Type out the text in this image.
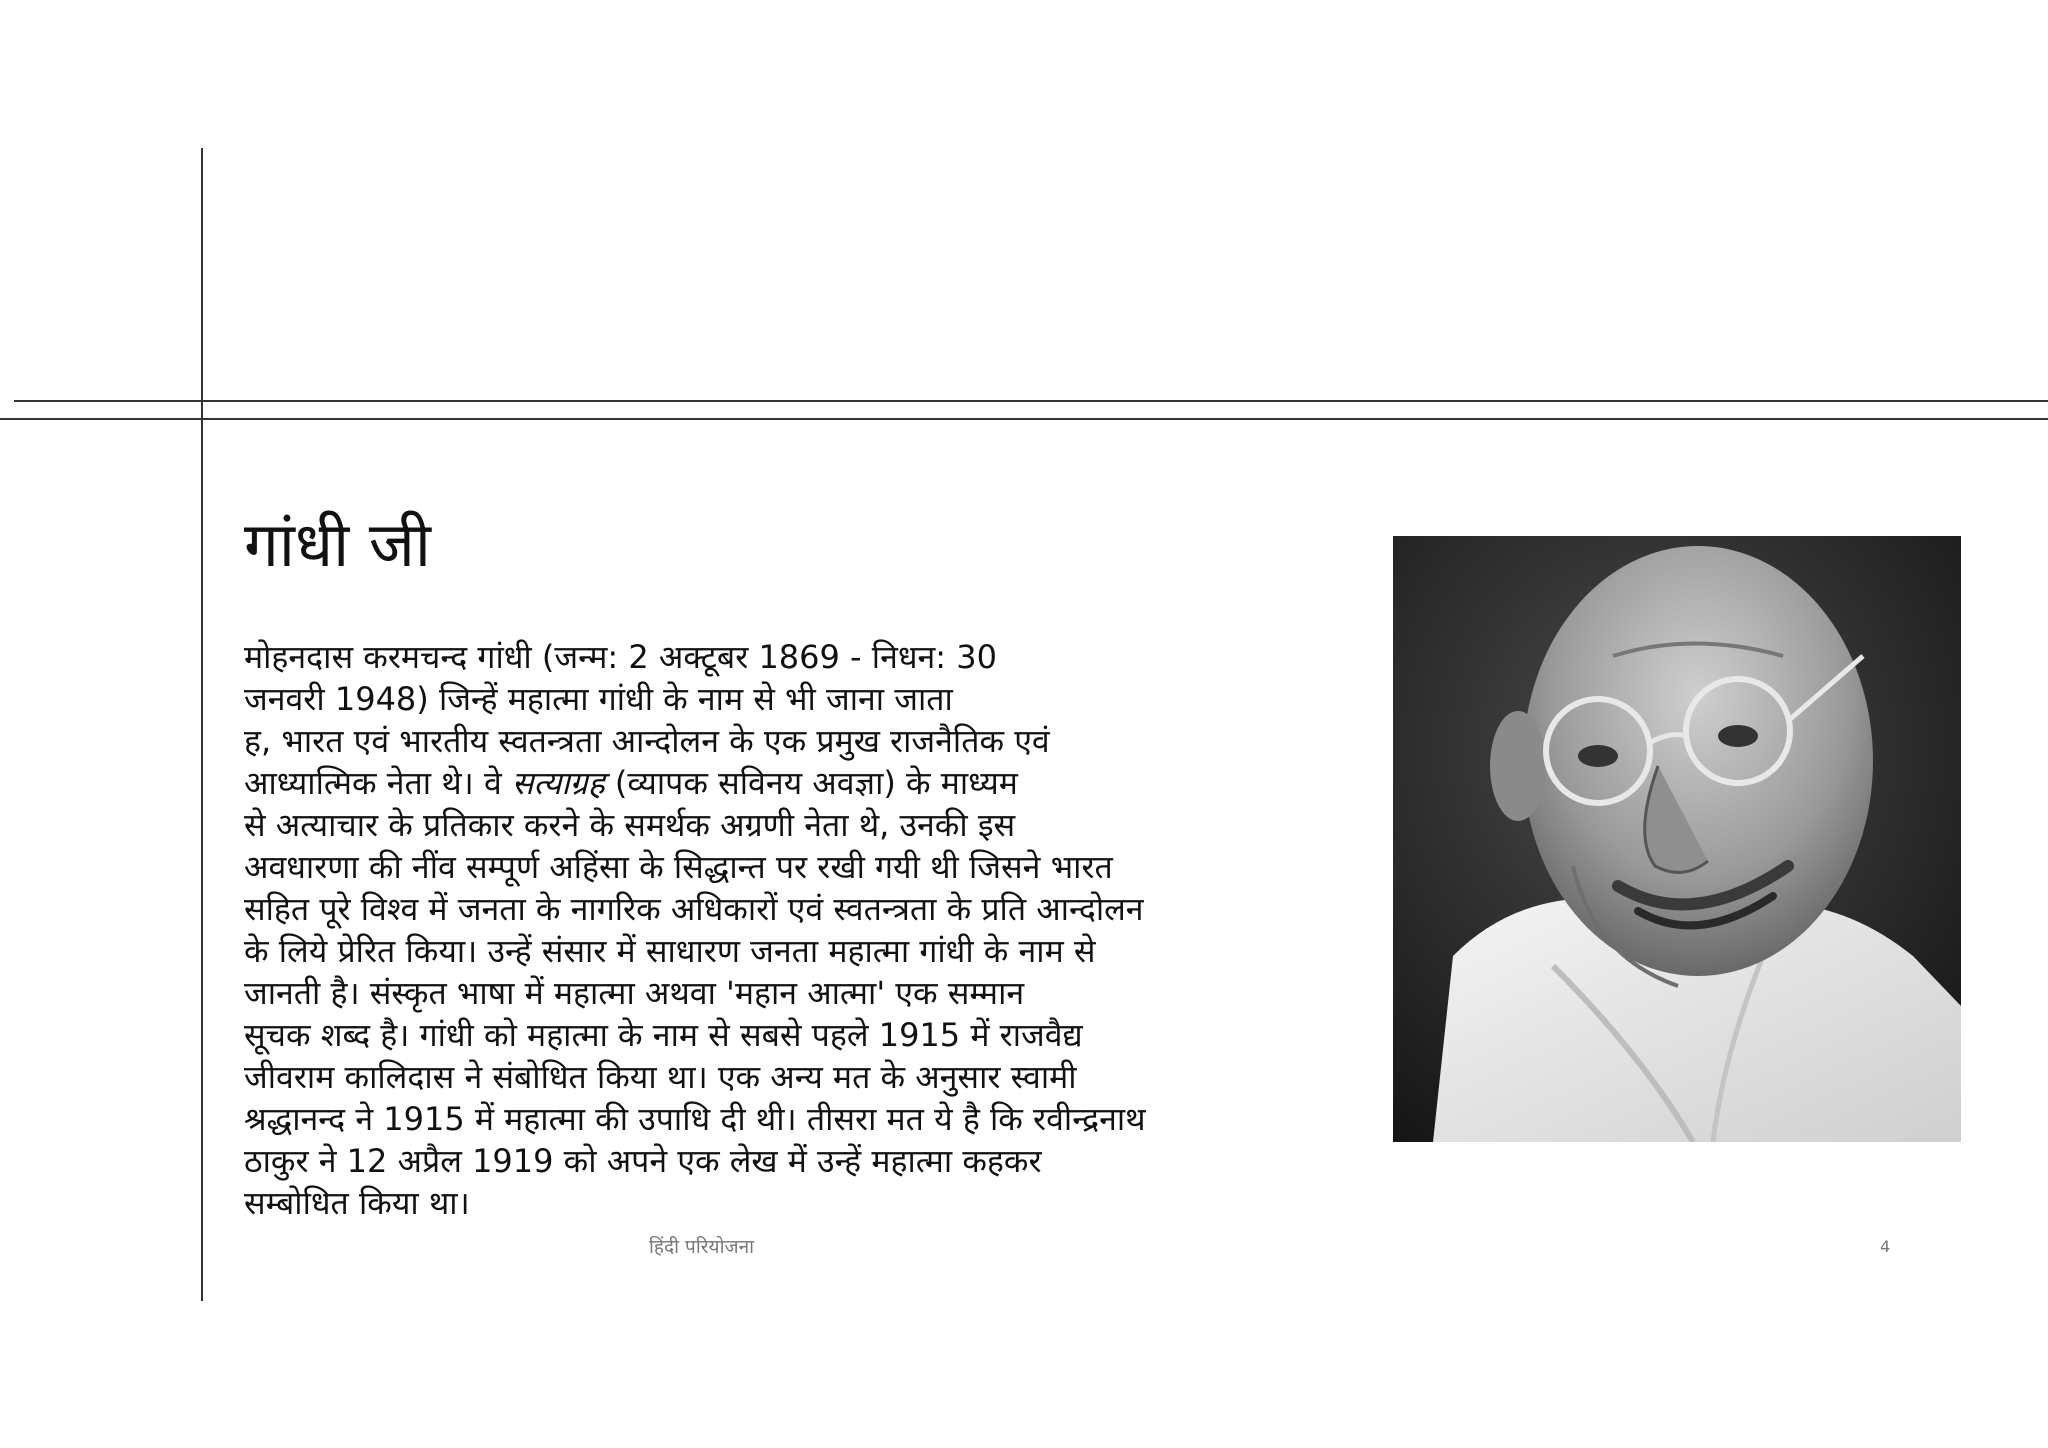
गांधी जी
मोहनदास करमचन्द गांधी (जन्म: 2 अक्टूबर 1869 - निधन: 30
जनवरी 1948) जिन्हें महात्मा गांधी के नाम से भी जाना जाता
ह, भारत एवं भारतीय स्वतन्त्रता आन्दोलन के एक प्रमुख राजनैतिक एवं
आध्यात्मिक नेता थे। वे सत्याग्रह (व्यापक सविनय अवज्ञा) के माध्यम
से अत्याचार के प्रतिकार करने के समर्थक अग्रणी नेता थे, उनकी इस
अवधारणा की नींव सम्पूर्ण अहिंसा के सिद्धान्त पर रखी गयी थी जिसने भारत
सहित पूरे विश्व में जनता के नागरिक अधिकारों एवं स्वतन्त्रता के प्रति आन्दोलन
के लिये प्रेरित किया। उन्हें संसार में साधारण जनता महात्मा गांधी के नाम से
जानती है। संस्कृत भाषा में महात्मा अथवा 'महान आत्मा' एक सम्मान
सूचक शब्द है। गांधी को महात्मा के नाम से सबसे पहले 1915 में राजवैद्य
जीवराम कालिदास ने संबोधित किया था। एक अन्य मत के अनुसार स्वामी
श्रद्धानन्द ने 1915 में महात्मा की उपाधि दी थी। तीसरा मत ये है कि रवीन्द्रनाथ
ठाकुर ने 12 अप्रैल 1919 को अपने एक लेख में उन्हें महात्मा कहकर
सम्बोधित किया था।
हिंदी परियोजना	4
